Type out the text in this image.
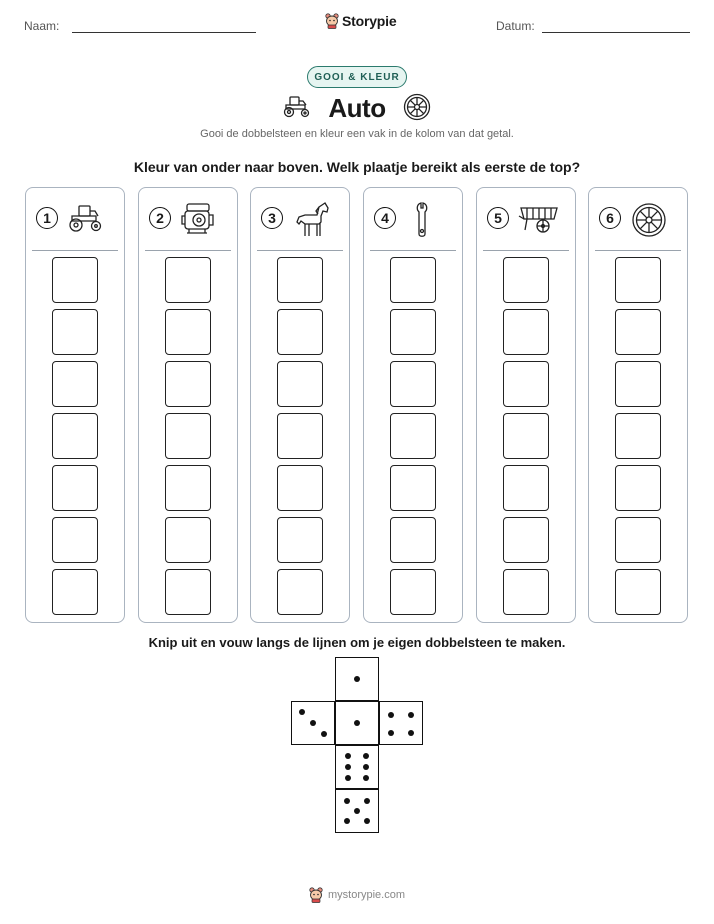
Naam:	Storypie	Datum:
GOOI & KLEUR
Auto
Gooi de dobbelsteen en kleur een vak in de kolom van dat getal.
Kleur van onder naar boven. Welk plaatje bereikt als eerste de top?
1	2	3	4	5	6
Knip uit en vouw langs de lijnen om je eigen dobbelsteen te maken.
mystorypie.com
